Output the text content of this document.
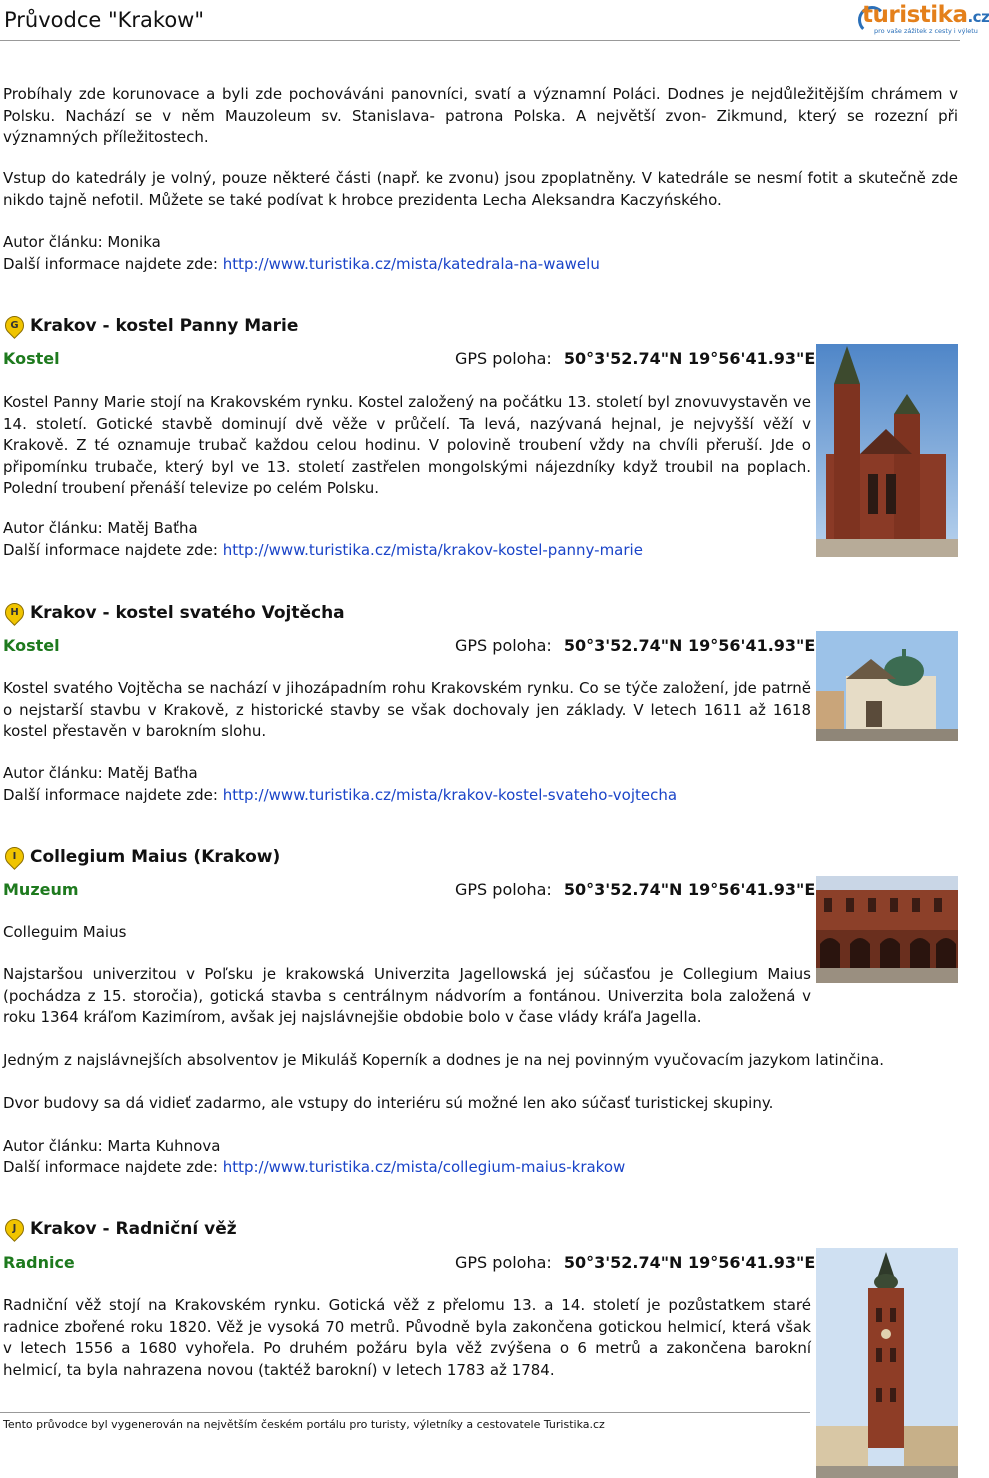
Průvodce "Krakow"	turistika.cz
pro vaše zážitek z cesty i výletu

Probíhaly zde korunovace a byli zde pochováváni panovníci, svatí a významní Poláci. Dodnes je nejdůležitějším chrámem v Polsku. Nachází se v něm Mauzoleum sv. Stanislava- patrona Polska. A největší zvon- Zikmund, který se rozezní při významných příležitostech.

Vstup do katedrály je volný, pouze některé části (např. ke zvonu) jsou zpoplatněny. V katedrále se nesmí fotit a skutečně zde nikdo tajně nefotil. Můžete se také podívat k hrobce prezidenta Lecha Aleksandra Kaczyńského.

Autor článku: Monika
Další informace najdete zde: http://www.turistika.cz/mista/katedrala-na-wawelu
G Krakov - kostel Panny Marie
Kostel	GPS poloha: 50°3'52.74"N 19°56'41.93"E

Kostel Panny Marie stojí na Krakovském rynku. Kostel založený na počátku 13. století byl znovuvystavěn ve 14. století. Gotické stavbě dominují dvě věže v průčelí. Ta levá, nazývaná hejnal, je nejvyšší věží v Krakově. Z té oznamuje trubač každou celou hodinu. V polovině troubení vždy na chvíli přeruší. Jde o připomínku trubače, který byl ve 13. století zastřelen mongolskými nájezdníky když troubil na poplach. Polední troubení přenáší televize po celém Polsku.

Autor článku: Matěj Baťha
Další informace najdete zde: http://www.turistika.cz/mista/krakov-kostel-panny-marie
H Krakov - kostel svatého Vojtěcha
Kostel	GPS poloha: 50°3'52.74"N 19°56'41.93"E

Kostel svatého Vojtěcha se nachází v jihozápadním rohu Krakovském rynku. Co se týče založení, jde patrně o nejstarší stavbu v Krakově, z historické stavby se však dochovaly jen základy. V letech 1611 až 1618 kostel přestavěn v barokním slohu.

Autor článku: Matěj Baťha
Další informace najdete zde: http://www.turistika.cz/mista/krakov-kostel-svateho-vojtecha
I Collegium Maius (Krakow)
Muzeum	GPS poloha: 50°3'52.74"N 19°56'41.93"E
Colleguim Maius

Najstaršou univerzitou v Poľsku je krakowská Univerzita Jagellowská jej súčasťou je Collegium Maius (pochádza z 15. storočia), gotická stavba s centrálnym nádvorím a fontánou. Univerzita bola založená v roku 1364 kráľom Kazimírom, avšak jej najslávnejšie obdobie bolo v čase vlády kráľa Jagella.

Jedným z najslávnejších absolventov je Mikuláš Koperník a dodnes je na nej povinným vyučovacím jazykom latinčina.

Dvor budovy sa dá vidieť zadarmo, ale vstupy do interiéru sú možné len ako súčasť turistickej skupiny.

Autor článku: Marta Kuhnova
Další informace najdete zde: http://www.turistika.cz/mista/collegium-maius-krakow
J Krakov - Radniční věž
Radnice	GPS poloha: 50°3'52.74"N 19°56'41.93"E

Radniční věž stojí na Krakovském rynku. Gotická věž z přelomu 13. a 14. století je pozůstatkem staré radnice zbořené roku 1820. Věž je vysoká 70 metrů. Původně byla zakončena gotickou helmicí, která však v letech 1556 a 1680 vyhořela. Po druhém požáru byla věž zvýšena o 6 metrů a zakončena barokní helmicí, ta byla nahrazena novou (taktéž barokní) v letech 1783 až 1784.

Tento průvodce byl vygenerován na největším českém portálu pro turisty, výletníky a cestovatele Turistika.cz
